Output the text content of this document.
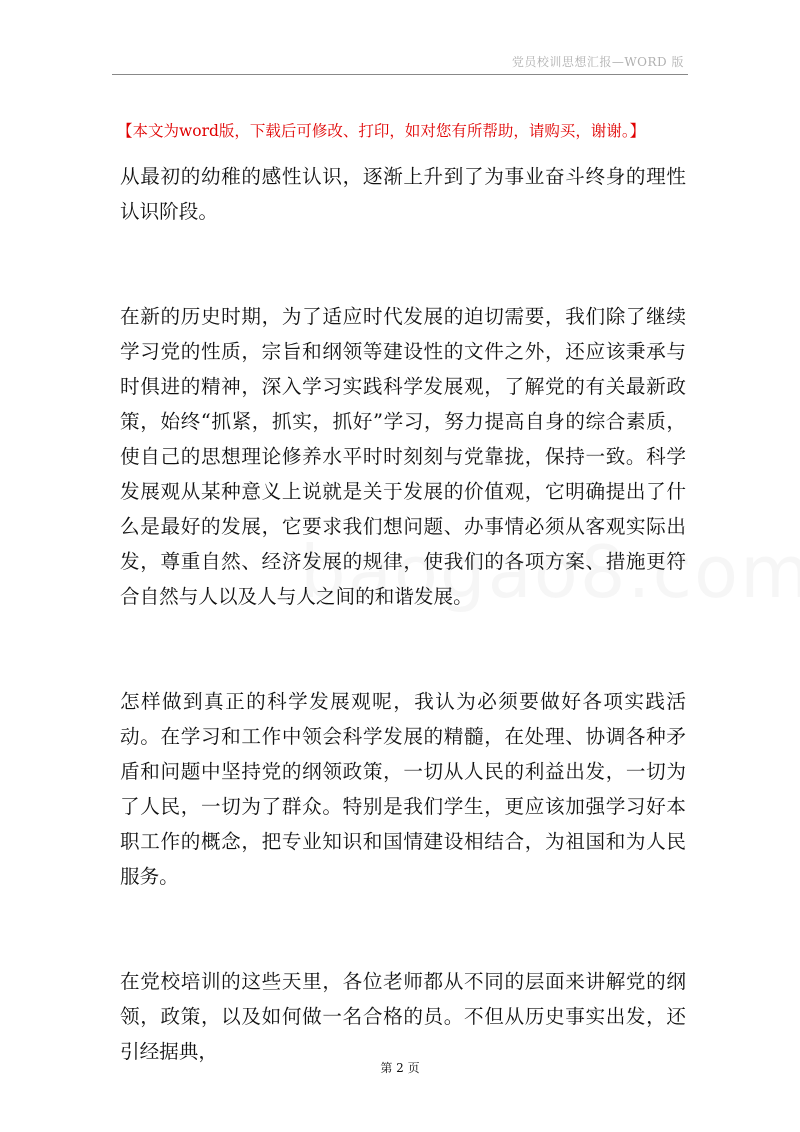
党员校训思想汇报—WORD 版
【本文为word版，下载后可修改、打印，如对您有所帮助，请购买，谢谢。】

从最初的幼稚的感性认识，逐渐上升到了为事业奋斗终身的理性认识阶段。

在新的历史时期，为了适应时代发展的迫切需要，我们除了继续学习党的性质，宗旨和纲领等建设性的文件之外，还应该秉承与时俱进的精神，深入学习实践科学发展观，了解党的有关最新政策，始终“抓紧，抓实，抓好”学习，努力提高自身的综合素质，使自己的思想理论修养水平时时刻刻与党靠拢，保持一致。科学发展观从某种意义上说就是关于发展的价值观，它明确提出了什么是最好的发展，它要求我们想问题、办事情必须从客观实际出发，尊重自然、经济发展的规律，使我们的各项方案、措施更符合自然与人以及人与人之间的和谐发展。

怎样做到真正的科学发展观呢，我认为必须要做好各项实践活动。在学习和工作中领会科学发展的精髓，在处理、协调各种矛盾和问题中坚持党的纲领政策，一切从人民的利益出发，一切为了人民，一切为了群众。特别是我们学生，更应该加强学习好本职工作的概念，把专业知识和国情建设相结合，为祖国和为人民服务。

在党校培训的这些天里，各位老师都从不同的层面来讲解党的纲领，政策，以及如何做一名合格的员。不但从历史事实出发，还引经据典，

第 2 页
